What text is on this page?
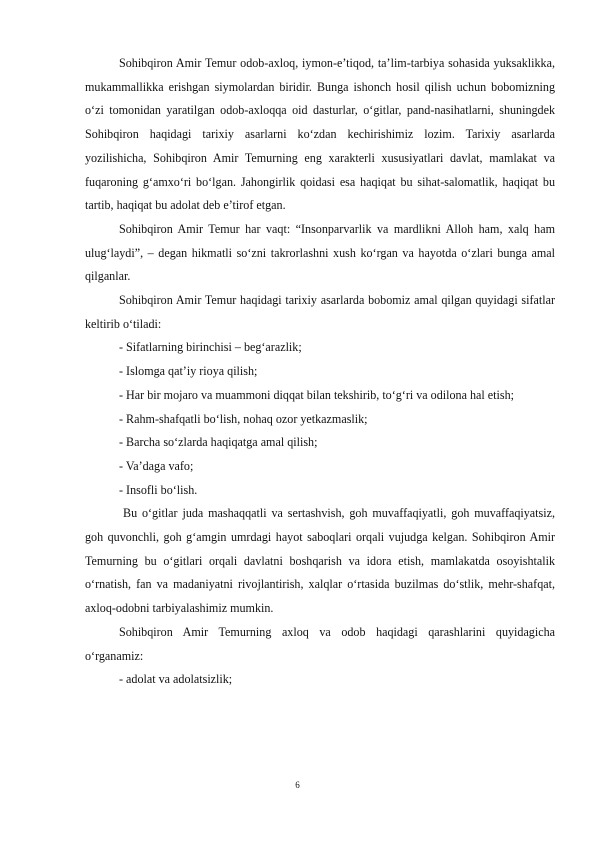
Sohibqiron Amir Temur odob-axloq, iymon-e’tiqod, ta’lim-tarbiya sohasida yuksaklikka, mukammallikka erishgan siymolardan biridir. Bunga ishonch hosil qilish uchun bobomizning o‘zi tomonidan yaratilgan odob-axloqqa oid dasturlar, o‘gitlar, pand-nasihatlarni, shuningdek Sohibqiron haqidagi tarixiy asarlarni ko‘zdan kechirishimiz lozim. Tarixiy asarlarda yozilishicha, Sohibqiron Amir Temurning eng xarakterli xususiyatlari davlat, mamlakat va fuqaroning g‘amxo‘ri bo‘lgan. Jahongirlik qoidasi esa haqiqat bu sihat-salomatlik, haqiqat bu tartib, haqiqat bu adolat deb e’tirof etgan.

Sohibqiron Amir Temur har vaqt: “Insonparvarlik va mardlikni Alloh ham, xalq ham ulug‘laydi”, – degan hikmatli so‘zni takrorlashni xush ko‘rgan va hayotda o‘zlari bunga amal qilganlar.

Sohibqiron Amir Temur haqidagi tarixiy asarlarda bobomiz amal qilgan quyidagi sifatlar keltirib o‘tiladi:

- Sifatlarning birinchisi – beg‘arazlik;

- Islomga qat’iy rioya qilish;

- Har bir mojaro va muammoni diqqat bilan tekshirib, to‘g‘ri va odilona hal etish;

- Rahm-shafqatli bo‘lish, nohaq ozor yetkazmaslik;

- Barcha so‘zlarda haqiqatga amal qilish;

- Va’daga vafo;

- Insofli bo‘lish.

Bu o‘gitlar juda mashaqqatli va sertashvish, goh muvaffaqiyatli, goh muvaffaqiyatsiz, goh quvonchli, goh g‘amgin umrdagi hayot saboqlari orqali vujudga kelgan. Sohibqiron Amir Temurning bu o‘gitlari orqali davlatni boshqarish va idora etish, mamlakatda osoyishtalik o‘rnatish, fan va madaniyatni rivojlantirish, xalqlar o‘rtasida buzilmas do‘stlik, mehr-shafqat, axloq-odobni tarbiyalashimiz mumkin.

Sohibqiron Amir Temurning axloq va odob haqidagi qarashlarini quyidagicha o‘rganamiz:

- adolat va adolatsizlik;

6
